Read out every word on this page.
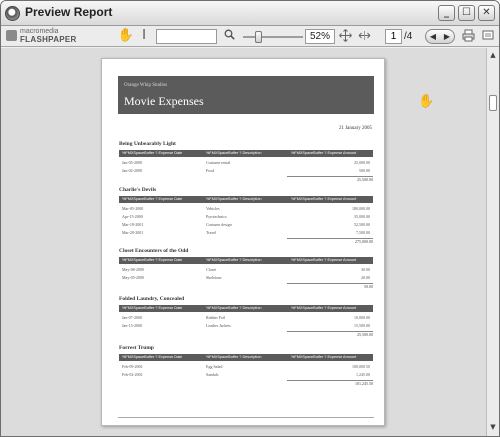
Preview Report	_	☐	✕
macromedia
FLASHPAPER	✋ I	52%	1 /4	◀ ▶
Orange Whip Studios
Movie Expenses
21 January 2005
Being Unbearably Light
%FMXSpaceBuffer ? Expense Date	%FMXSpaceBuffer ? Description	%FMXSpaceBuffer ? Expense Amount
Jan-05-2000	Costume rental	25,000.00
Jan-02-2000	Food	500.00
25,500.00
Charlie's Devils
%FMXSpaceBuffer ? Expense Date	%FMXSpaceBuffer ? Description	%FMXSpaceBuffer ? Expense Amount
Mar-05-2000	Vehicles	180,000.00
Apr-15-2000	Pyrotechnics	35,000.00
Mar-18-2001	Costume design	52,500.00
Mar-20-2001	Travel	7,500.00
275,000.00
Closet Encounters of the Odd
%FMXSpaceBuffer ? Expense Date	%FMXSpaceBuffer ? Description	%FMXSpaceBuffer ? Expense Amount
May-08-2000	Closet	30.00
May-05-2000	Skeletons	20.00
50.00
Folded Laundry, Concealed
%FMXSpaceBuffer ? Expense Date	%FMXSpaceBuffer ? Description	%FMXSpaceBuffer ? Expense Amount
Jan-07-2000	Rubber Foil	10,000.00
Jan-15-2000	Leather Jackets	15,500.00
25,500.00
Forrest Trump
%FMXSpaceBuffer ? Expense Date	%FMXSpaceBuffer ? Description	%FMXSpaceBuffer ? Expense Amount
Feb-09-2001	Egg Salad	100,000.50
Feb-02-2001	Sandals	1,245.00
101,245.50
✋
▲
▼
